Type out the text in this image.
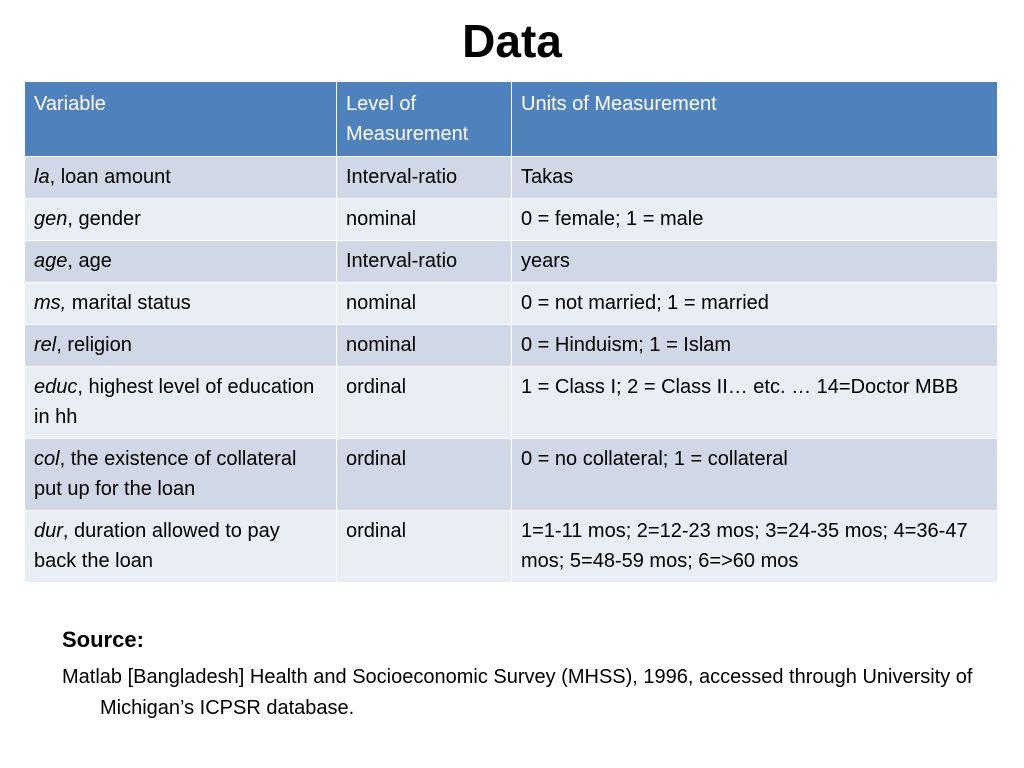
Data
Variable	Level of Measurement	Units of Measurement
la, loan amount	Interval-ratio	Takas
gen, gender	nominal	0 = female; 1 = male
age, age	Interval-ratio	years
ms, marital status	nominal	0 = not married; 1 = married
rel, religion	nominal	0 = Hinduism; 1 = Islam
educ, highest level of education in hh	ordinal	1 = Class I; 2 = Class II… etc. … 14=Doctor MBB
col, the existence of collateral put up for the loan	ordinal	0 = no collateral; 1 = collateral
dur, duration allowed to pay back the loan	ordinal	1=1-11 mos; 2=12-23 mos; 3=24-35 mos; 4=36-47 mos; 5=48-59 mos; 6=>60 mos
Source:
Matlab [Bangladesh] Health and Socioeconomic Survey (MHSS), 1996, accessed through University of Michigan’s ICPSR database.
